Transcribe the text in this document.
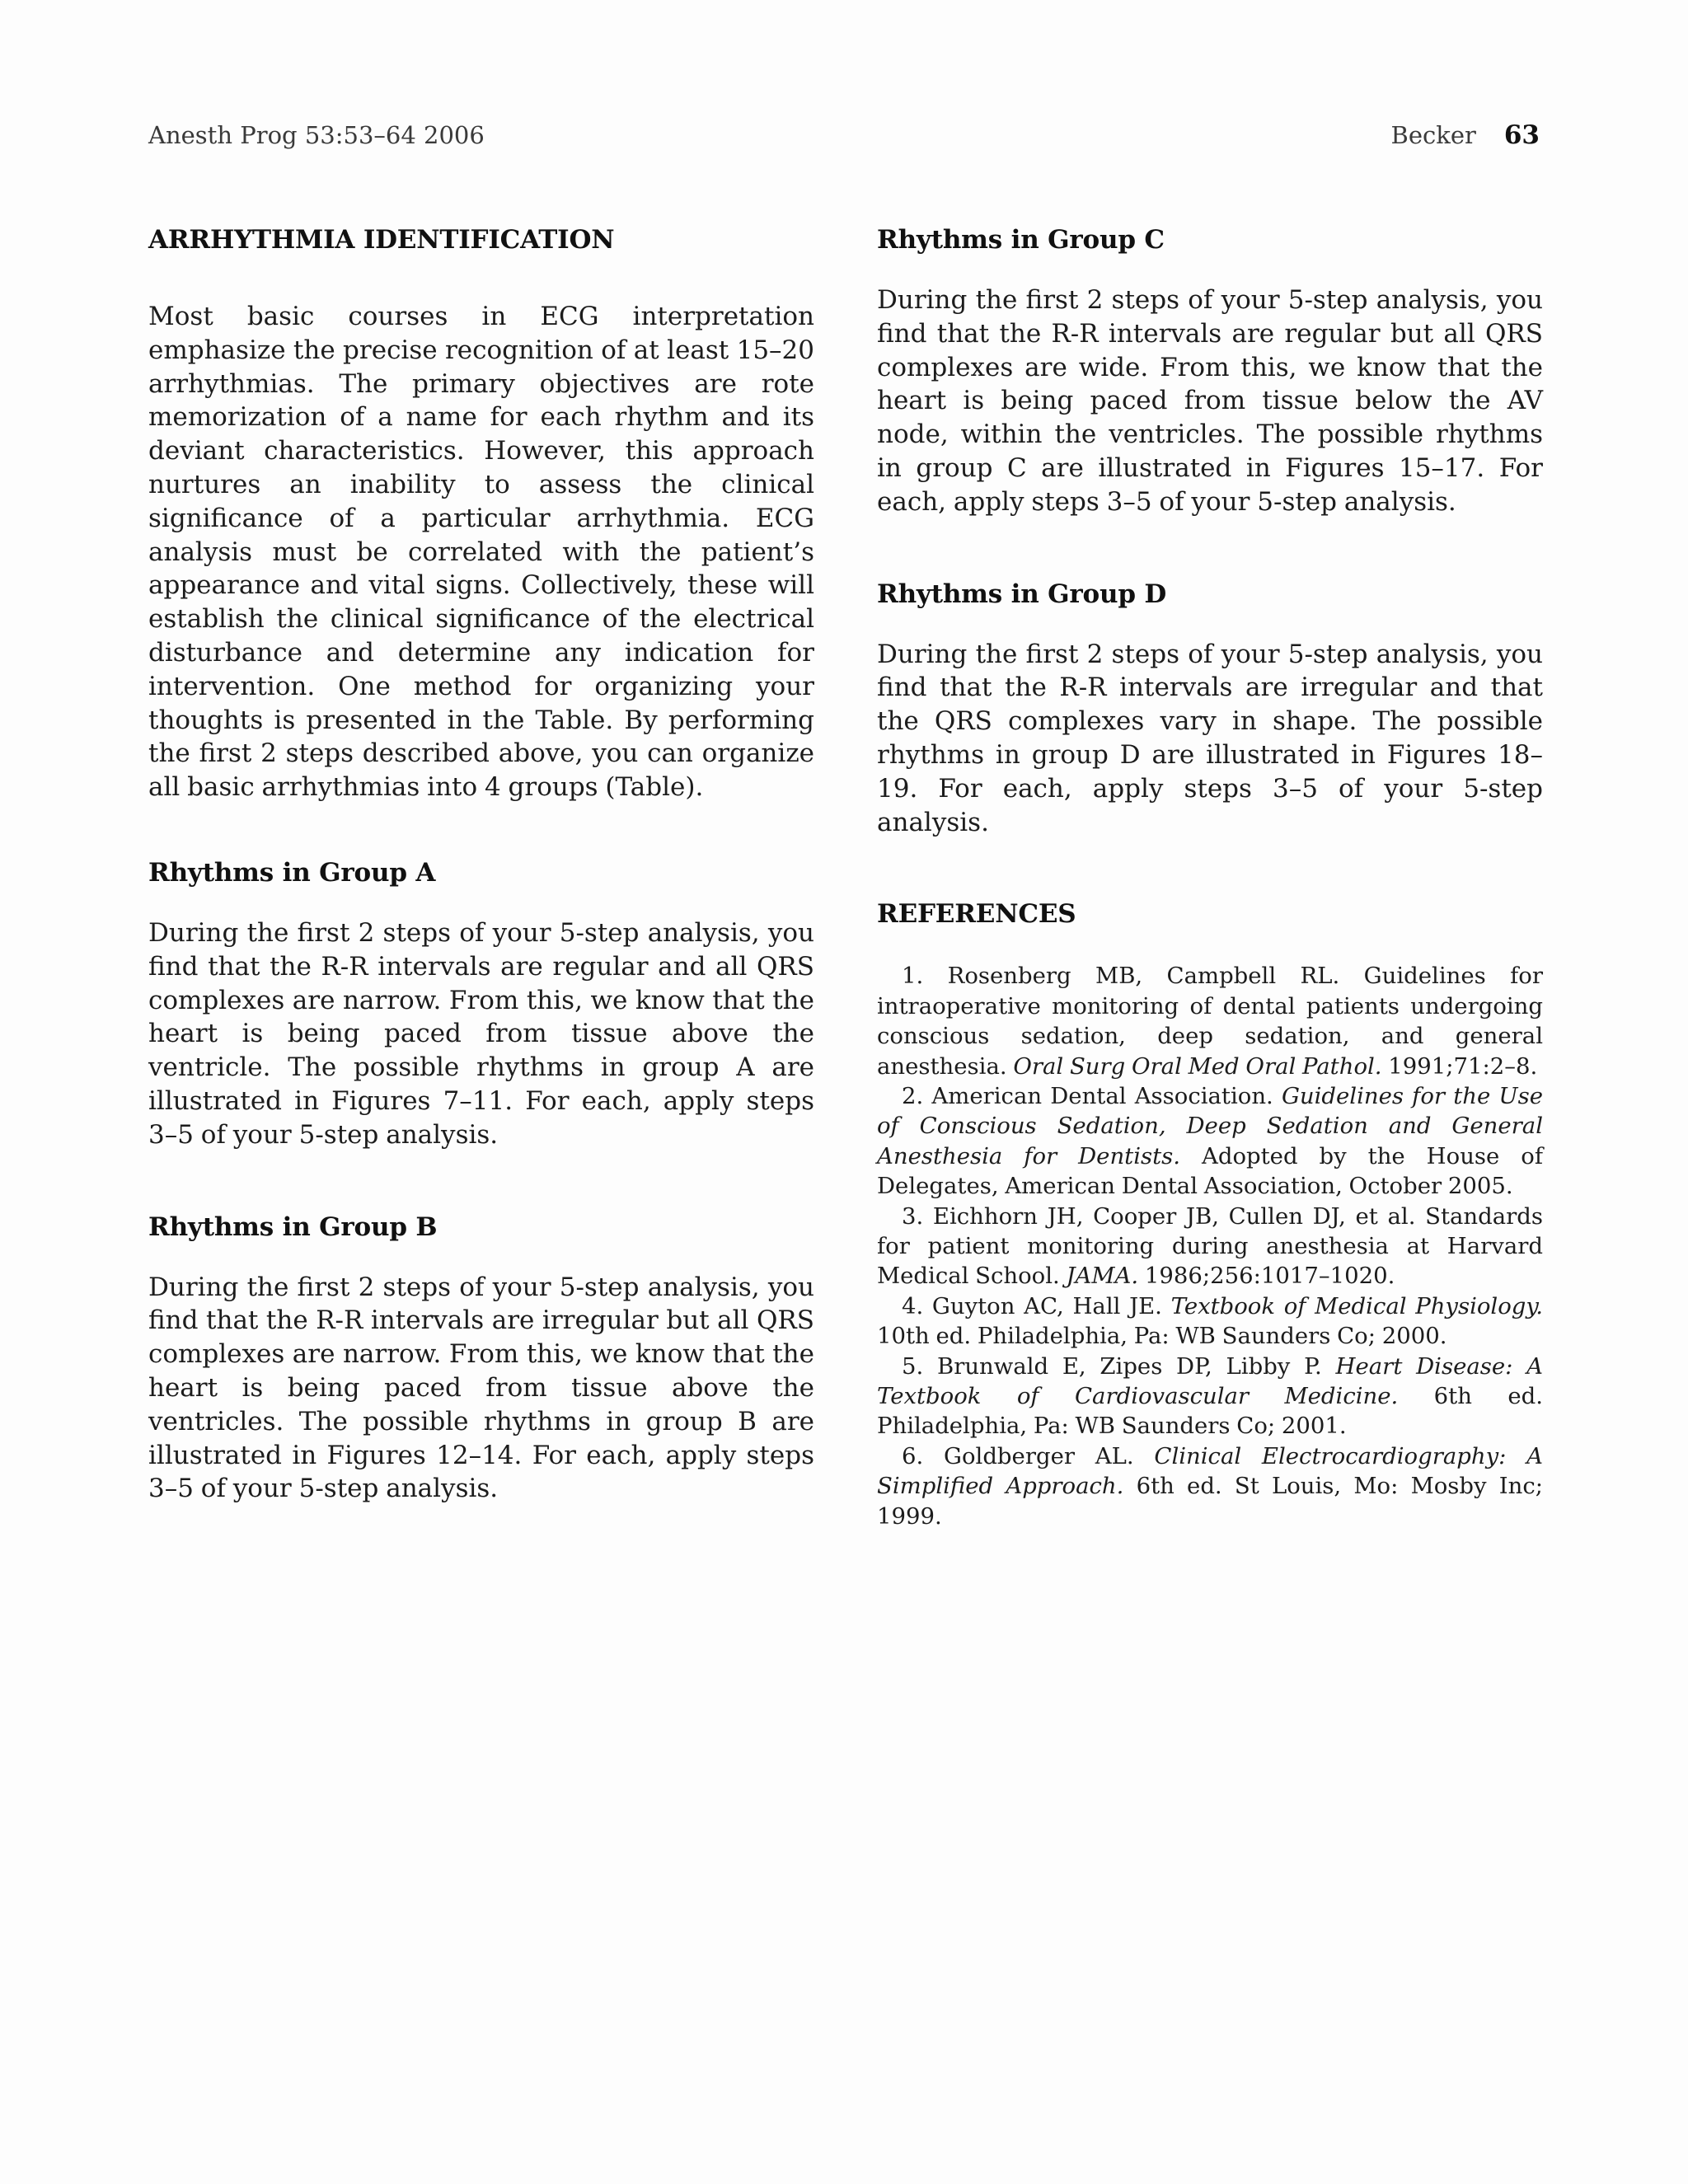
Anesth Prog 53:53–64 2006	Becker 63
ARRHYTHMIA IDENTIFICATION

Most basic courses in ECG interpretation emphasize the precise recognition of at least 15–20 arrhythmias. The primary objectives are rote memorization of a name for each rhythm and its deviant characteristics. However, this approach nurtures an inability to assess the clinical significance of a particular arrhythmia. ECG analysis must be correlated with the patient’s appearance and vital signs. Collectively, these will establish the clinical significance of the electrical disturbance and determine any indication for intervention. One method for organizing your thoughts is presented in the Table. By performing the first 2 steps described above, you can organize all basic arrhythmias into 4 groups (Table).

Rhythms in Group A

During the first 2 steps of your 5-step analysis, you find that the R-R intervals are regular and all QRS complexes are narrow. From this, we know that the heart is being paced from tissue above the ventricle. The possible rhythms in group A are illustrated in Figures 7–11. For each, apply steps 3–5 of your 5-step analysis.

Rhythms in Group B

During the first 2 steps of your 5-step analysis, you find that the R-R intervals are irregular but all QRS complexes are narrow. From this, we know that the heart is being paced from tissue above the ventricles. The possible rhythms in group B are illustrated in Figures 12–14. For each, apply steps 3–5 of your 5-step analysis.

Rhythms in Group C

During the first 2 steps of your 5-step analysis, you find that the R-R intervals are regular but all QRS complexes are wide. From this, we know that the heart is being paced from tissue below the AV node, within the ventricles. The possible rhythms in group C are illustrated in Figures 15–17. For each, apply steps 3–5 of your 5-step analysis.

Rhythms in Group D

During the first 2 steps of your 5-step analysis, you find that the R-R intervals are irregular and that the QRS complexes vary in shape. The possible rhythms in group D are illustrated in Figures 18–19. For each, apply steps 3–5 of your 5-step analysis.

REFERENCES

1. Rosenberg MB, Campbell RL. Guidelines for intraoperative monitoring of dental patients undergoing conscious sedation, deep sedation, and general anesthesia. Oral Surg Oral Med Oral Pathol. 1991;71:2–8.

2. American Dental Association. Guidelines for the Use of Conscious Sedation, Deep Sedation and General Anesthesia for Dentists. Adopted by the House of Delegates, American Dental Association, October 2005.

3. Eichhorn JH, Cooper JB, Cullen DJ, et al. Standards for patient monitoring during anesthesia at Harvard Medical School. JAMA. 1986;256:1017–1020.

4. Guyton AC, Hall JE. Textbook of Medical Physiology. 10th ed. Philadelphia, Pa: WB Saunders Co; 2000.

5. Brunwald E, Zipes DP, Libby P. Heart Disease: A Textbook of Cardiovascular Medicine. 6th ed. Philadelphia, Pa: WB Saunders Co; 2001.

6. Goldberger AL. Clinical Electrocardiography: A Simplified Approach. 6th ed. St Louis, Mo: Mosby Inc; 1999.
